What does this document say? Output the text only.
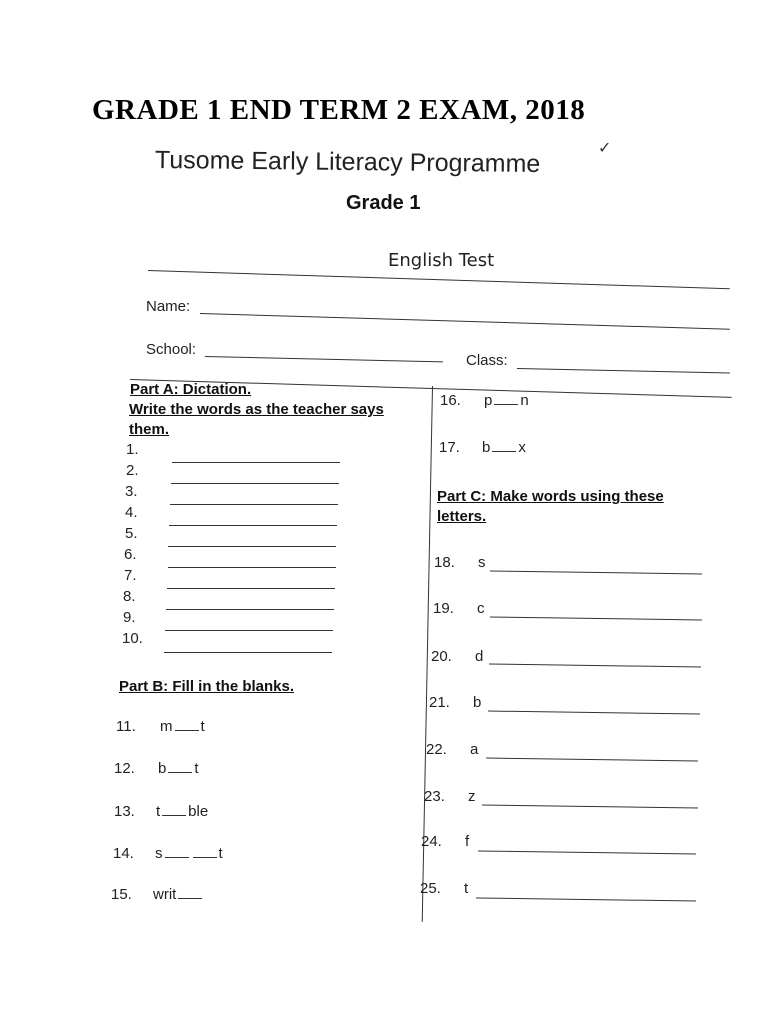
GRADE 1 END TERM 2 EXAM, 2018
Tusome Early Literacy Programme	✓
Grade 1
English Test
Name:
School:
Class:
Part A: Dictation.
Write the words as the teacher says
them.
1.
2.
3.
4.
5.
6.
7.
8.
9.
10.
Part B: Fill in the blanks.
11. m t
12. b t
13. t ble
14. s	t
15. writ
16. p n
17. b x
Part C: Make words using these
letters.
18. s
19. c
20. d
21. b
22. a
23. z
24. f
25. t
